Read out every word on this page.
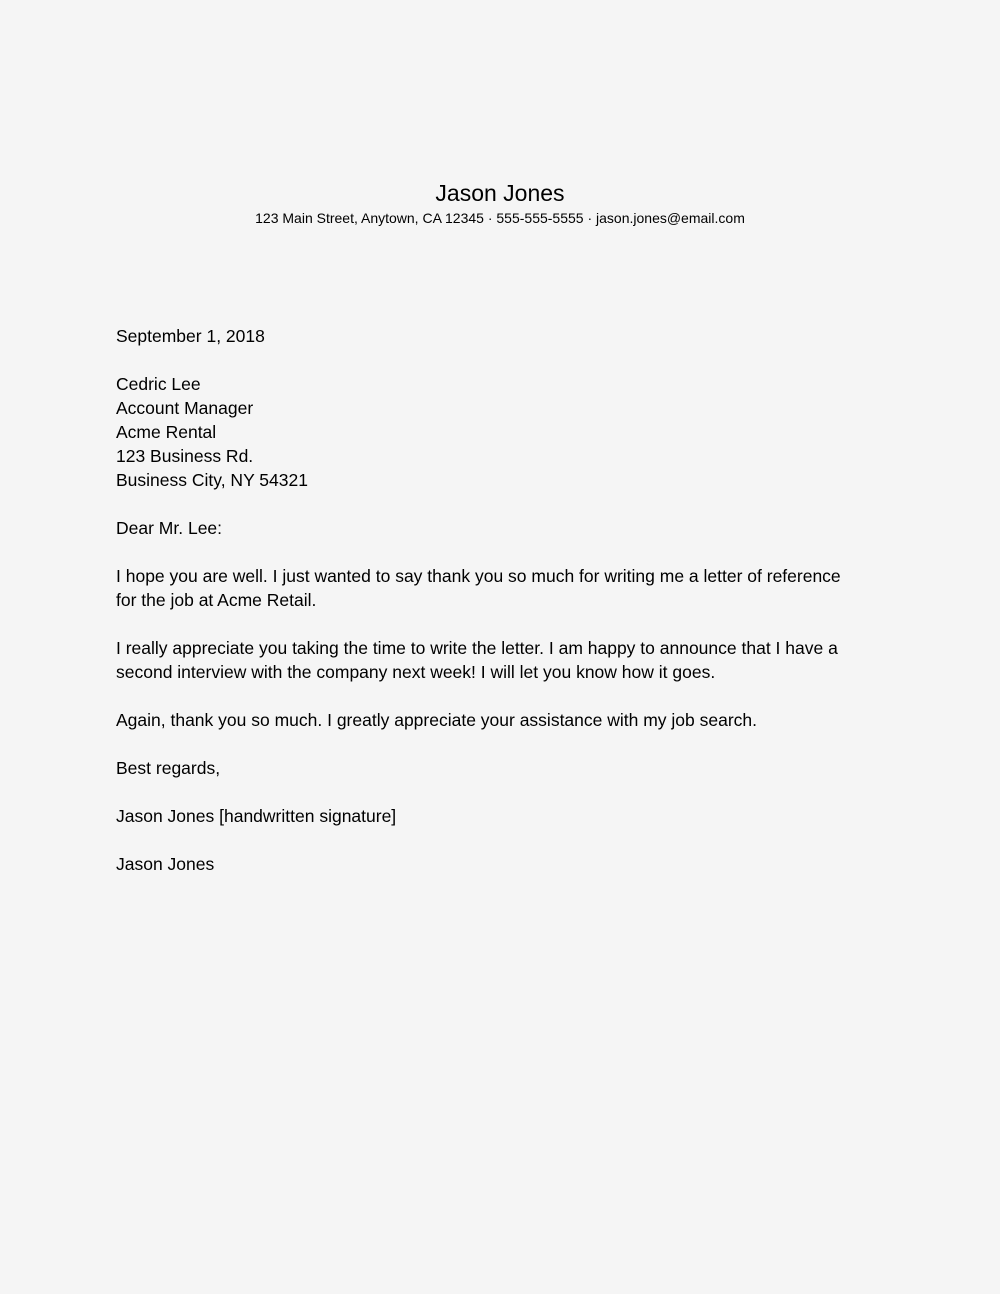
Jason Jones

123 Main Street, Anytown, CA 12345 · 555-555-5555 · jason.jones@email.com

September 1, 2018

Cedric Lee
Account Manager
Acme Rental
123 Business Rd.
Business City, NY 54321

Dear Mr. Lee:

I hope you are well. I just wanted to say thank you so much for writing me a letter of reference
for the job at Acme Retail.
I really appreciate you taking the time to write the letter. I am happy to announce that I have a
second interview with the company next week! I will let you know how it goes.
Again, thank you so much. I greatly appreciate your assistance with my job search.

Best regards,

Jason Jones [handwritten signature]

Jason Jones
